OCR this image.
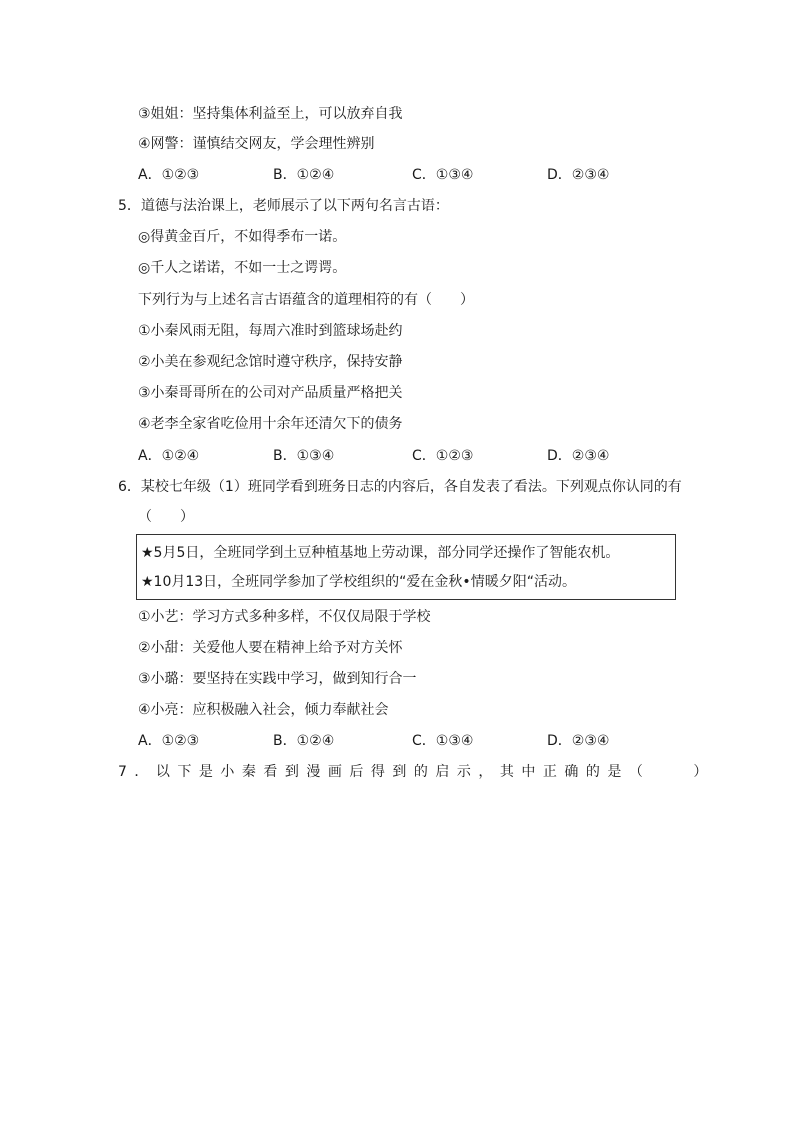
③姐姐：坚持集体利益至上，可以放弃自我
④网警：谨慎结交网友，学会理性辨别
A．①②③	B．①②④	C．①③④	D．②③④
5．道德与法治课上，老师展示了以下两句名言古语：
◎得黄金百斤，不如得季布一诺。
◎千人之诺诺，不如一士之谔谔。
下列行为与上述名言古语蕴含的道理相符的有（　　）
①小秦风雨无阻，每周六准时到篮球场赴约
②小美在参观纪念馆时遵守秩序，保持安静
③小秦哥哥所在的公司对产品质量严格把关
④老李全家省吃俭用十余年还清欠下的债务
A．①②④	B．①③④	C．①②③	D．②③④
6．某校七年级（1）班同学看到班务日志的内容后，各自发表了看法。下列观点你认同的有
（　　）
★5月5日，全班同学到土豆种植基地上劳动课，部分同学还操作了智能农机。
★10月13日，全班同学参加了学校组织的“爱在金秋•情暖夕阳“活动。
①小艺：学习方式多种多样，不仅仅局限于学校
②小甜：关爱他人要在精神上给予对方关怀
③小璐：要坚持在实践中学习，做到知行合一
④小亮：应积极融入社会，倾力奉献社会
A．①②③	B．①②④	C．①③④	D．②③④
7．以下是小秦看到漫画后得到的启示，其中正确的是（　　）
